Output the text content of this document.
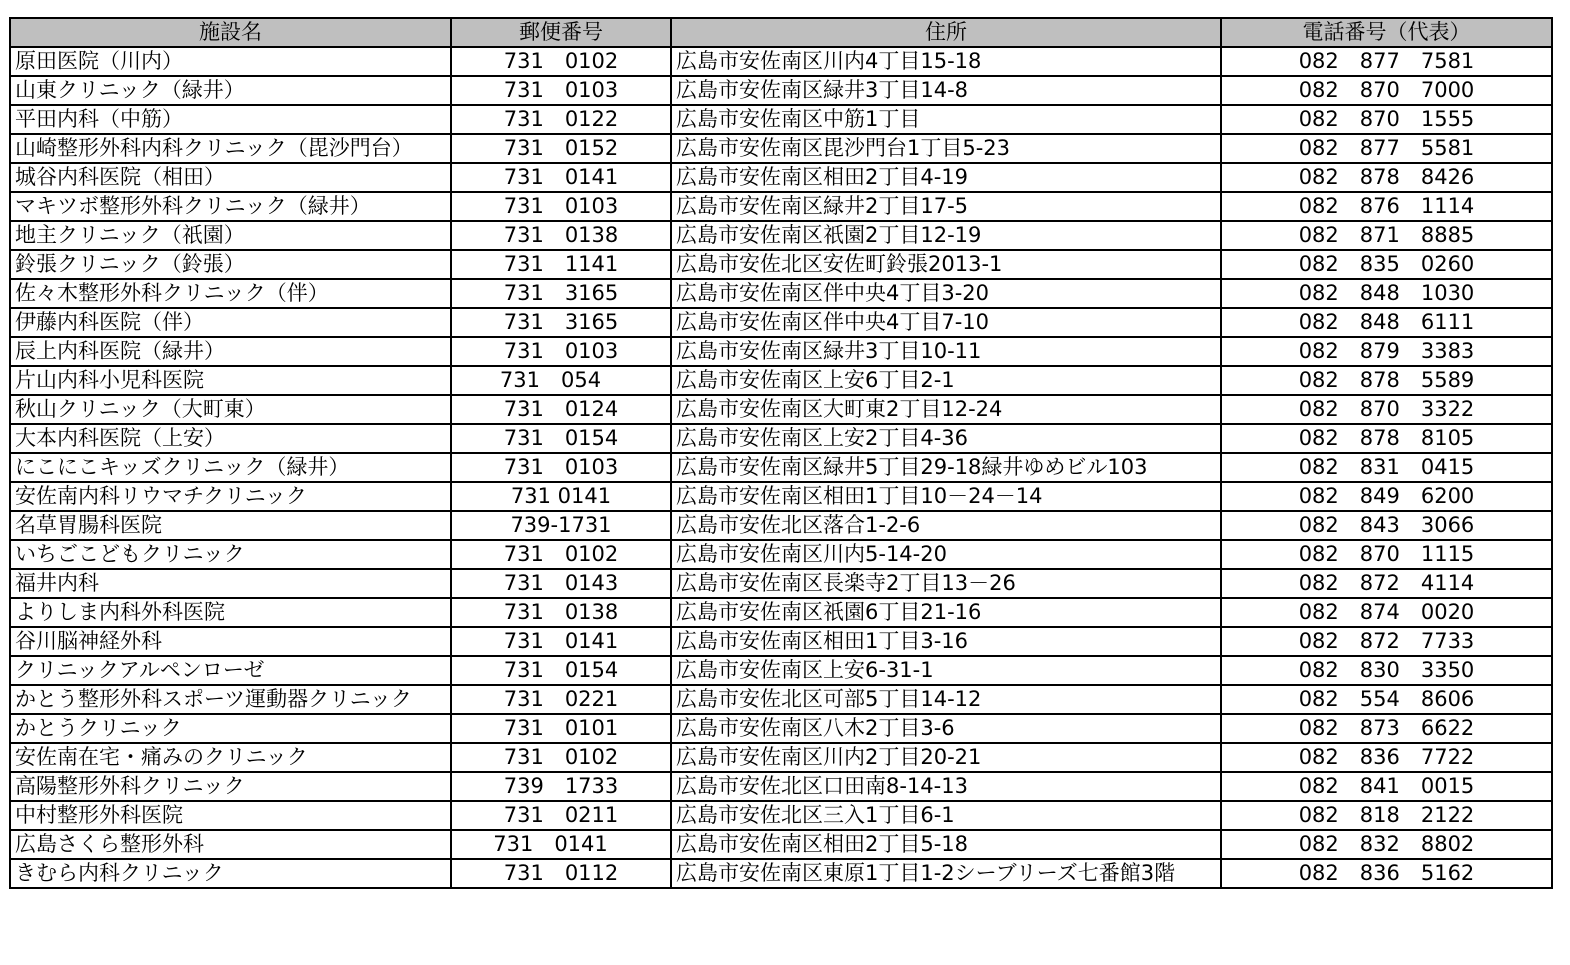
施設名	郵便番号	住所	電話番号（代表）
原田医院（川内）	731　0102	広島市安佐南区川内4丁目15-18	082　877　7581
山東クリニック（緑井）	731　0103	広島市安佐南区緑井3丁目14-8	082　870　7000
平田内科（中筋）	731　0122	広島市安佐南区中筋1丁目	082　870　1555
山崎整形外科内科クリニック（毘沙門台）	731　0152	広島市安佐南区毘沙門台1丁目5-23	082　877　5581
城谷内科医院（相田）	731　0141	広島市安佐南区相田2丁目4-19	082　878　8426
マキツボ整形外科クリニック（緑井）	731　0103	広島市安佐南区緑井2丁目17-5	082　876　1114
地主クリニック（祇園）	731　0138	広島市安佐南区祇園2丁目12-19	082　871　8885
鈴張クリニック（鈴張）	731　1141	広島市安佐北区安佐町鈴張2013-1	082　835　0260
佐々木整形外科クリニック（伴）	731　3165	広島市安佐南区伴中央4丁目3-20	082　848　1030
伊藤内科医院（伴）	731　3165	広島市安佐南区伴中央4丁目7-10	082　848　6111
辰上内科医院（緑井）	731　0103	広島市安佐南区緑井3丁目10-11	082　879　3383
片山内科小児科医院	731　054　	広島市安佐南区上安6丁目2-1	082　878　5589
秋山クリニック（大町東）	731　0124	広島市安佐南区大町東2丁目12-24	082　870　3322
大本内科医院（上安）	731　0154	広島市安佐南区上安2丁目4-36	082　878　8105
にこにこキッズクリニック（緑井）	731　0103	広島市安佐南区緑井5丁目29-18緑井ゆめビル103	082　831　0415
安佐南内科リウマチクリニック	731 0141	広島市安佐南区相田1丁目10－24－14	082　849　6200
名草胃腸科医院	739-1731	広島市安佐北区落合1-2-6	082　843　3066
いちごこどもクリニック	731　0102	広島市安佐南区川内5-14-20	082　870　1115
福井内科	731　0143	広島市安佐南区長楽寺2丁目13－26	082　872　4114
よりしま内科外科医院	731　0138	広島市安佐南区祇園6丁目21-16	082　874　0020
谷川脳神経外科	731　0141	広島市安佐南区相田1丁目3-16	082　872　7733
クリニックアルペンローゼ	731　0154	広島市安佐南区上安6-31-1	082　830　3350
かとう整形外科スポーツ運動器クリニック	731　0221	広島市安佐北区可部5丁目14-12	082　554　8606
かとうクリニック	731　0101	広島市安佐南区八木2丁目3-6	082　873　6622
安佐南在宅・痛みのクリニック	731　0102	広島市安佐南区川内2丁目20-21	082　836　7722
高陽整形外科クリニック	739　1733	広島市安佐北区口田南8-14-13	082　841　0015
中村整形外科医院	731　0211	広島市安佐北区三入1丁目6-1	082　818　2122
広島さくら整形外科	731　0141　	広島市安佐南区相田2丁目5-18	082　832　8802
きむら内科クリニック	731　0112	広島市安佐南区東原1丁目1-2シーブリーズ七番館3階	082　836　5162
